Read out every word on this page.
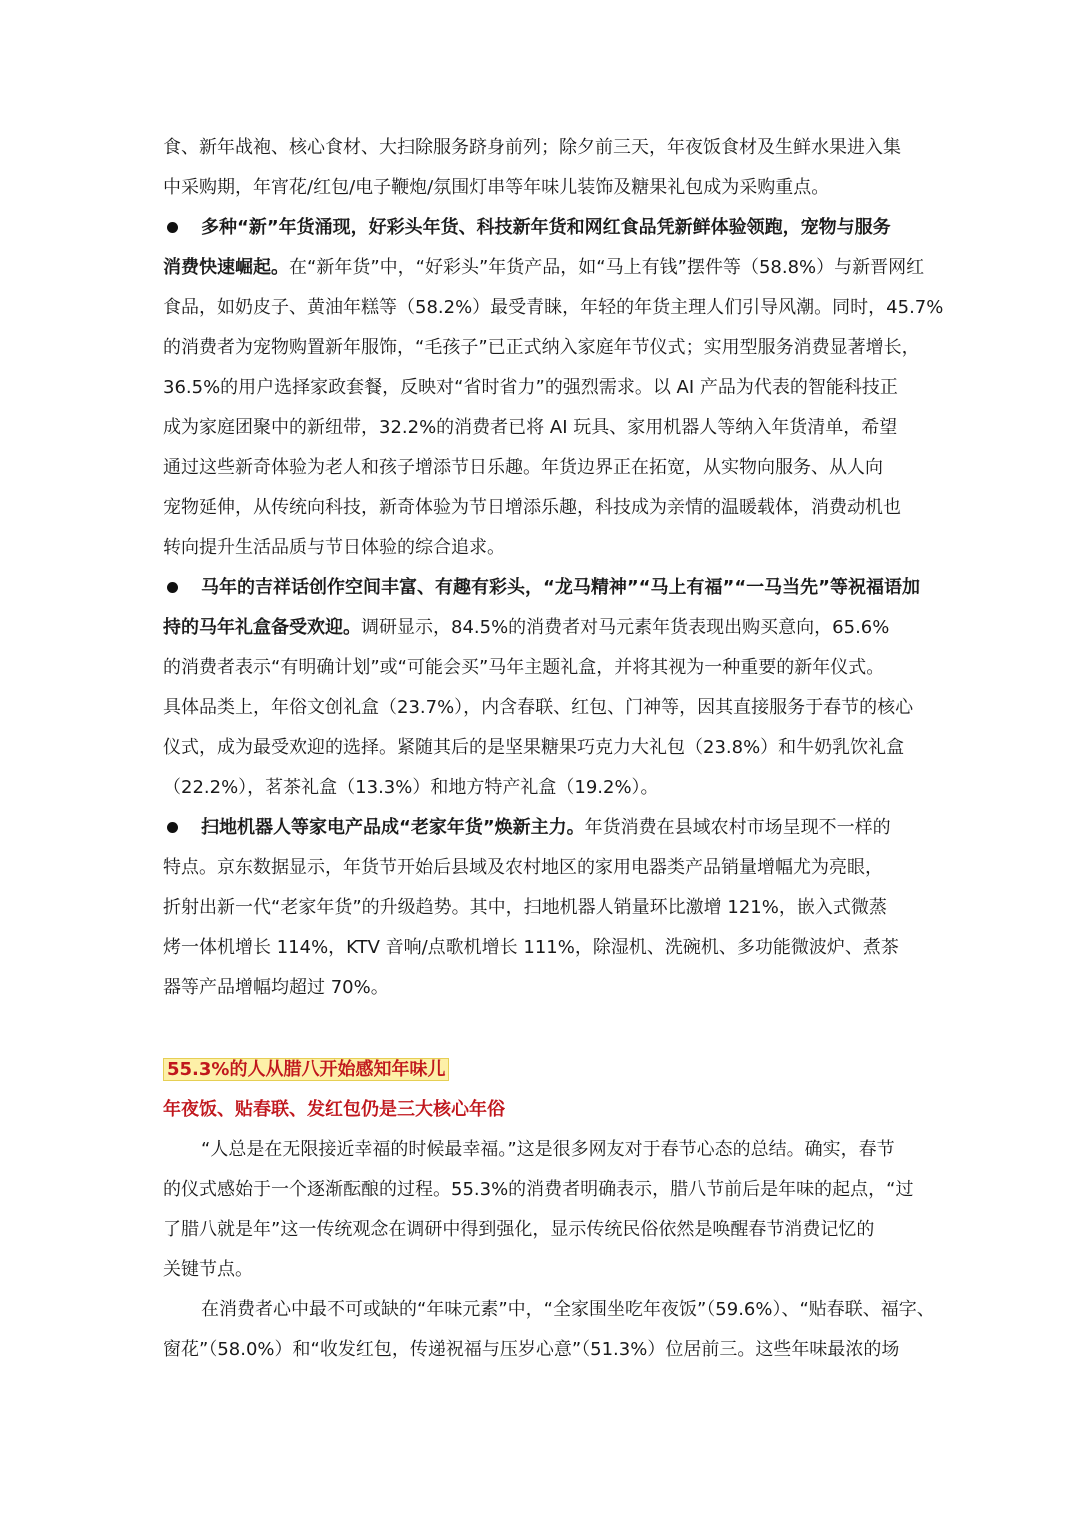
食、新年战袍、核心食材、大扫除服务跻身前列；除夕前三天，年夜饭食材及生鲜水果进入集
中采购期，年宵花/红包/电子鞭炮/氛围灯串等年味儿装饰及糖果礼包成为采购重点。
多种“新”年货涌现，好彩头年货、科技新年货和网红食品凭新鲜体验领跑，宠物与服务
消费快速崛起。在“新年货”中，“好彩头”年货产品，如“马上有钱”摆件等（58.8%）与新晋网红
食品，如奶皮子、黄油年糕等（58.2%）最受青睐，年轻的年货主理人们引导风潮。同时，45.7%
的消费者为宠物购置新年服饰，“毛孩子”已正式纳入家庭年节仪式；实用型服务消费显著增长，
36.5%的用户选择家政套餐，反映对“省时省力”的强烈需求。以 AI 产品为代表的智能科技正
成为家庭团聚中的新纽带，32.2%的消费者已将 AI 玩具、家用机器人等纳入年货清单，希望
通过这些新奇体验为老人和孩子增添节日乐趣。年货边界正在拓宽，从实物向服务、从人向
宠物延伸，从传统向科技，新奇体验为节日增添乐趣，科技成为亲情的温暖载体，消费动机也
转向提升生活品质与节日体验的综合追求。
马年的吉祥话创作空间丰富、有趣有彩头，“龙马精神”“马上有福”“一马当先”等祝福语加
持的马年礼盒备受欢迎。调研显示，84.5%的消费者对马元素年货表现出购买意向，65.6%
的消费者表示“有明确计划”或“可能会买”马年主题礼盒，并将其视为一种重要的新年仪式。
具体品类上，年俗文创礼盒（23.7%），内含春联、红包、门神等，因其直接服务于春节的核心
仪式，成为最受欢迎的选择。紧随其后的是坚果糖果巧克力大礼包（23.8%）和牛奶乳饮礼盒
（22.2%），茗茶礼盒（13.3%）和地方特产礼盒（19.2%）。
扫地机器人等家电产品成“老家年货”焕新主力。年货消费在县域农村市场呈现不一样的
特点。京东数据显示，年货节开始后县域及农村地区的家用电器类产品销量增幅尤为亮眼，
折射出新一代“老家年货”的升级趋势。其中，扫地机器人销量环比激增 121%，嵌入式微蒸
烤一体机增长 114%，KTV 音响/点歌机增长 111%，除湿机、洗碗机、多功能微波炉、煮茶
器等产品增幅均超过 70%。
55.3%的人从腊八开始感知年味儿
年夜饭、贴春联、发红包仍是三大核心年俗
“人总是在无限接近幸福的时候最幸福。”这是很多网友对于春节心态的总结。确实，春节
的仪式感始于一个逐渐酝酿的过程。55.3%的消费者明确表示，腊八节前后是年味的起点，“过
了腊八就是年”这一传统观念在调研中得到强化，显示传统民俗依然是唤醒春节消费记忆的
关键节点。
在消费者心中最不可或缺的“年味元素”中，“全家围坐吃年夜饭”（59.6%）、“贴春联、福字、
窗花”（58.0%）和“收发红包，传递祝福与压岁心意”（51.3%）位居前三。这些年味最浓的场
